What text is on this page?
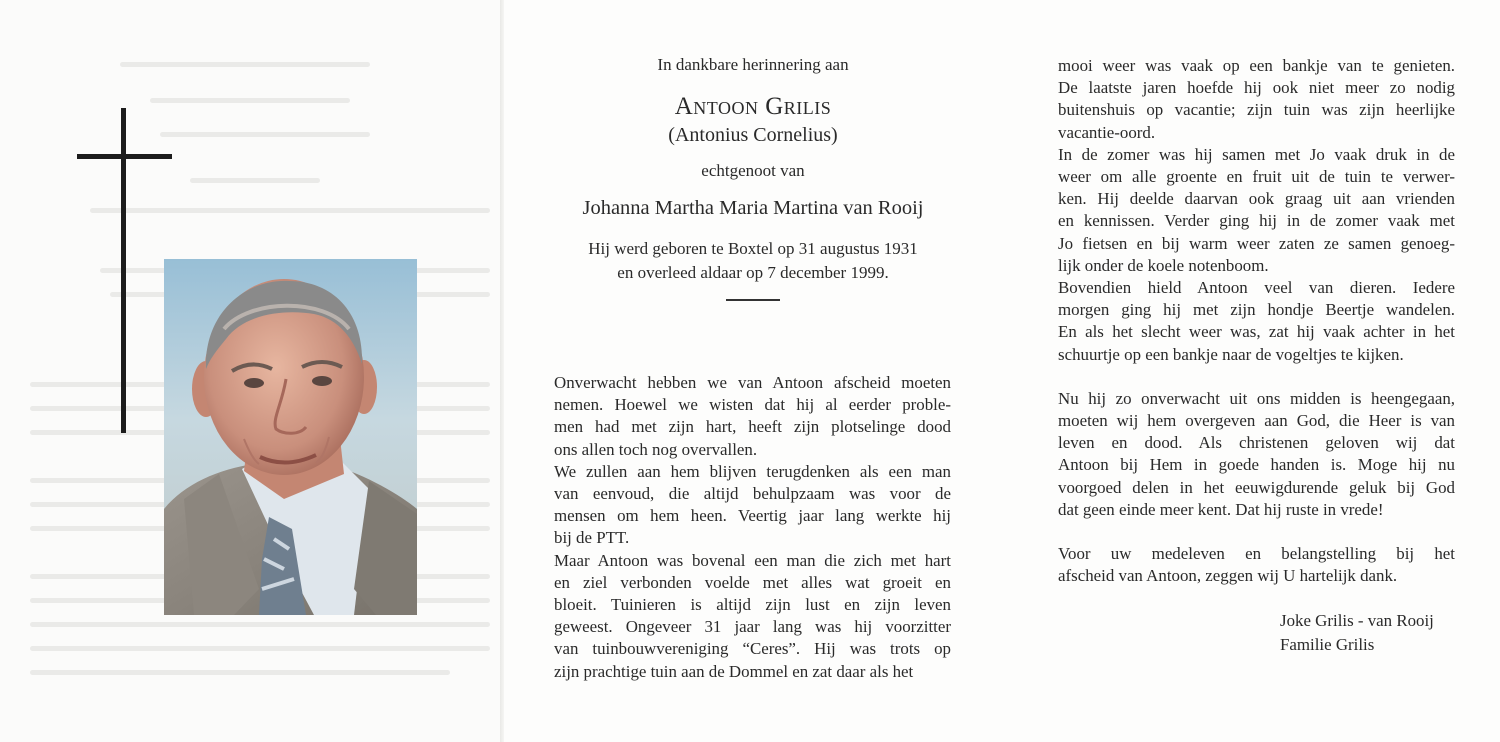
In dankbare herinnering aan

Antoon Grilis

(Antonius Cornelius)

echtgenoot van

Johanna Martha Maria Martina van Rooij

Hij werd geboren te Boxtel op 31 augustus 1931
en overleed aldaar op 7 december 1999.

Onverwacht hebben we van Antoon afscheid moeten
nemen. Hoewel we wisten dat hij al eerder proble-
men had met zijn hart, heeft zijn plotselinge dood
ons allen toch nog overvallen.
We zullen aan hem blijven terugdenken als een man
van eenvoud, die altijd behulpzaam was voor de
mensen om hem heen. Veertig jaar lang werkte hij
bij de PTT.
Maar Antoon was bovenal een man die zich met hart
en ziel verbonden voelde met alles wat groeit en
bloeit. Tuinieren is altijd zijn lust en zijn leven
geweest. Ongeveer 31 jaar lang was hij voorzitter
van tuinbouwvereniging “Ceres”. Hij was trots op
zijn prachtige tuin aan de Dommel en zat daar als het

mooi weer was vaak op een bankje van te genieten.
De laatste jaren hoefde hij ook niet meer zo nodig
buitenshuis op vacantie; zijn tuin was zijn heerlijke
vacantie-oord.
In de zomer was hij samen met Jo vaak druk in de
weer om alle groente en fruit uit de tuin te verwer-
ken. Hij deelde daarvan ook graag uit aan vrienden
en kennissen. Verder ging hij in de zomer vaak met
Jo fietsen en bij warm weer zaten ze samen genoeg-
lijk onder de koele notenboom.
Bovendien hield Antoon veel van dieren. Iedere
morgen ging hij met zijn hondje Beertje wandelen.
En als het slecht weer was, zat hij vaak achter in het
schuurtje op een bankje naar de vogeltjes te kijken.

Nu hij zo onverwacht uit ons midden is heengegaan,
moeten wij hem overgeven aan God, die Heer is van
leven en dood. Als christenen geloven wij dat
Antoon bij Hem in goede handen is. Moge hij nu
voorgoed delen in het eeuwigdurende geluk bij God
dat geen einde meer kent. Dat hij ruste in vrede!

Voor uw medeleven en belangstelling bij het
afscheid van Antoon, zeggen wij U hartelijk dank.

Joke Grilis - van Rooij
Familie Grilis
